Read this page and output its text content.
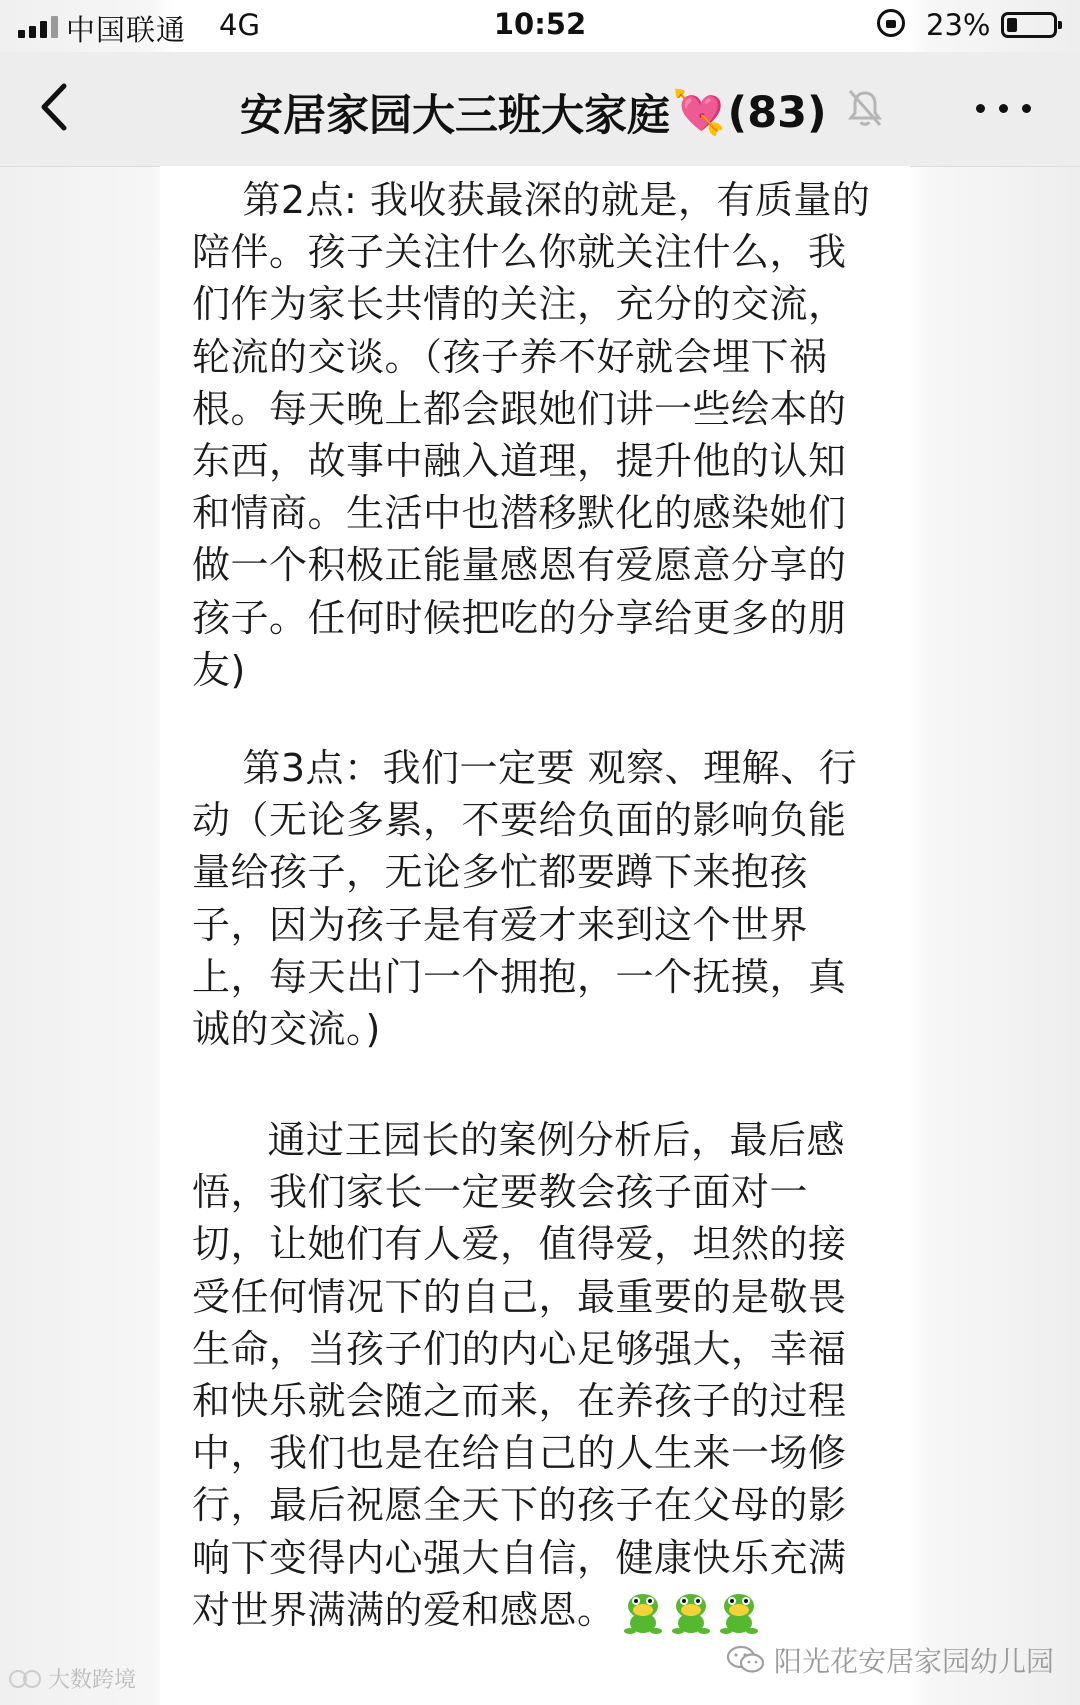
中国联通 4G	10:52	23%
安居家园大三班大家庭 💘 (83)
第2点: 我收获最深的就是，有质量的陪伴。孩子关注什么你就关注什么，我们作为家长共情的关注，充分的交流，轮流的交谈。（孩子养不好就会埋下祸根。每天晚上都会跟她们讲一些绘本的东西，故事中融入道理，提升他的认知和情商。生活中也潜移默化的感染她们做一个积极正能量感恩有爱愿意分享的孩子。任何时候把吃的分享给更多的朋友)
第3点：我们一定要 观察、理解、行动（无论多累，不要给负面的影响负能量给孩子，无论多忙都要蹲下来抱孩子，因为孩子是有爱才来到这个世界上，每天出门一个拥抱，一个抚摸，真诚的交流。)
通过王园长的案例分析后，最后感悟，我们家长一定要教会孩子面对一切，让她们有人爱，值得爱，坦然的接受任何情况下的自己，最重要的是敬畏生命，当孩子们的内心足够强大，幸福和快乐就会随之而来，在养孩子的过程中，我们也是在给自己的人生来一场修行，最后祝愿全天下的孩子在父母的影响下变得内心强大自信，健康快乐充满对世界满满的爱和感恩。
大数跨境
阳光花安居家园幼儿园
